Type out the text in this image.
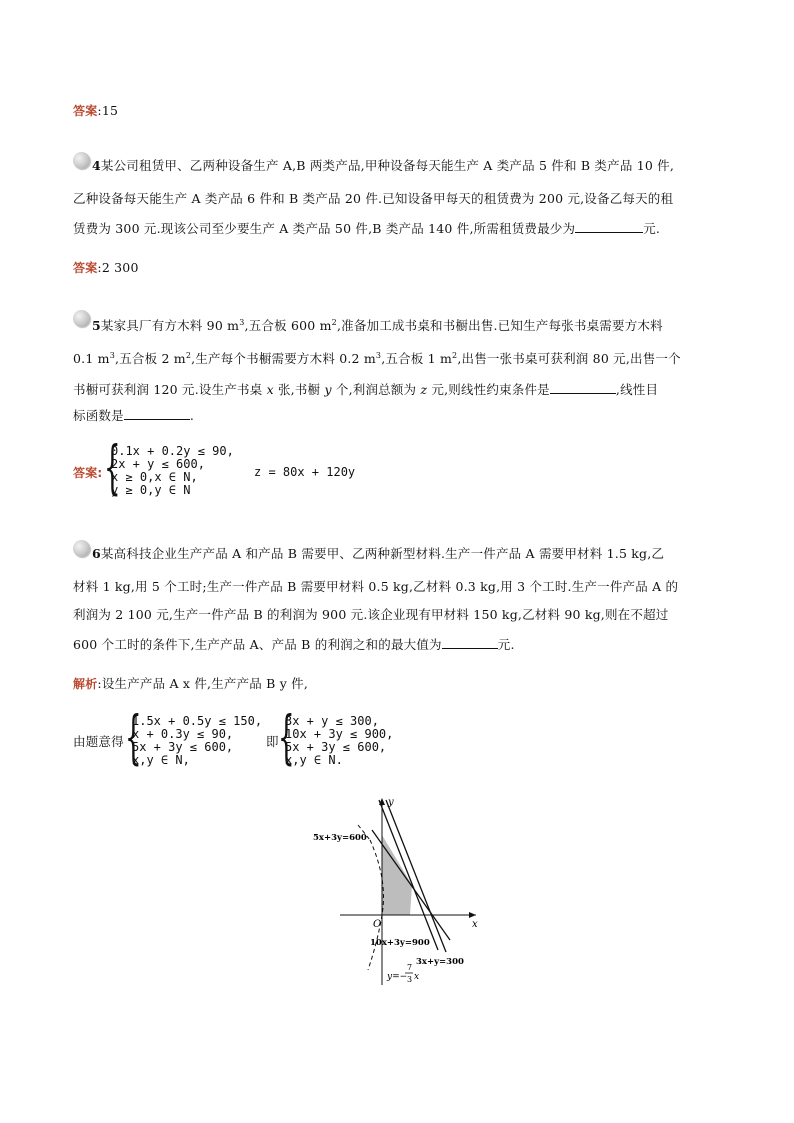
答案:15
4某公司租赁甲、乙两种设备生产 A,B 两类产品,甲种设备每天能生产 A 类产品 5 件和 B 类产品 10 件,
乙种设备每天能生产 A 类产品 6 件和 B 类产品 20 件.已知设备甲每天的租赁费为 200 元,设备乙每天的租
赁费为 300 元.现该公司至少要生产 A 类产品 50 件,B 类产品 140 件,所需租赁费最少为	元.
答案:2 300
5某家具厂有方木料 90 $m^3$,五合板 600 $m^2$,准备加工成书桌和书橱出售.已知生产每张书桌需要方木料
0.1 $m^3$,五合板 2 $m^2$,生产每个书橱需要方木料 0.2 $m^3$,五合板 1 $m^2$,出售一张书桌可获利润 80 元,出售一个
书橱可获利润 120 元.设生产书桌 x 张,书橱 y 个,利润总额为 z 元,则线性约束条件是	,线性目
标函数是	.
答案: {
0.1x + 0.2y ≤ 90,
2x + y ≤ 600,
x ≥ 0,x ∈ N,
y ≥ 0,y ∈ N
z = 80x + 120y
6某高科技企业生产产品 A 和产品 B 需要甲、乙两种新型材料.生产一件产品 A 需要甲材料 1.5 kg,乙
材料 1 kg,用 5 个工时;生产一件产品 B 需要甲材料 0.5 kg,乙材料 0.3 kg,用 3 个工时.生产一件产品 A 的
利润为 2 100 元,生产一件产品 B 的利润为 900 元.该企业现有甲材料 150 kg,乙材料 90 kg,则在不超过
600 个工时的条件下,生产产品 A、产品 B 的利润之和的最大值为	元.
解析:设生产产品 A x 件,生产产品 B y 件,
由题意得 {
1.5x + 0.5y ≤ 150,
x + 0.3y ≤ 90,
5x + 3y ≤ 600,
x,y ∈ N,
即 {
3x + y ≤ 300,
10x + 3y ≤ 900,
5x + 3y ≤ 600,
x,y ∈ N.
y
x
O
5x+3y=600
10x+3y=900
3x+y=300
y=−
7
3 x
